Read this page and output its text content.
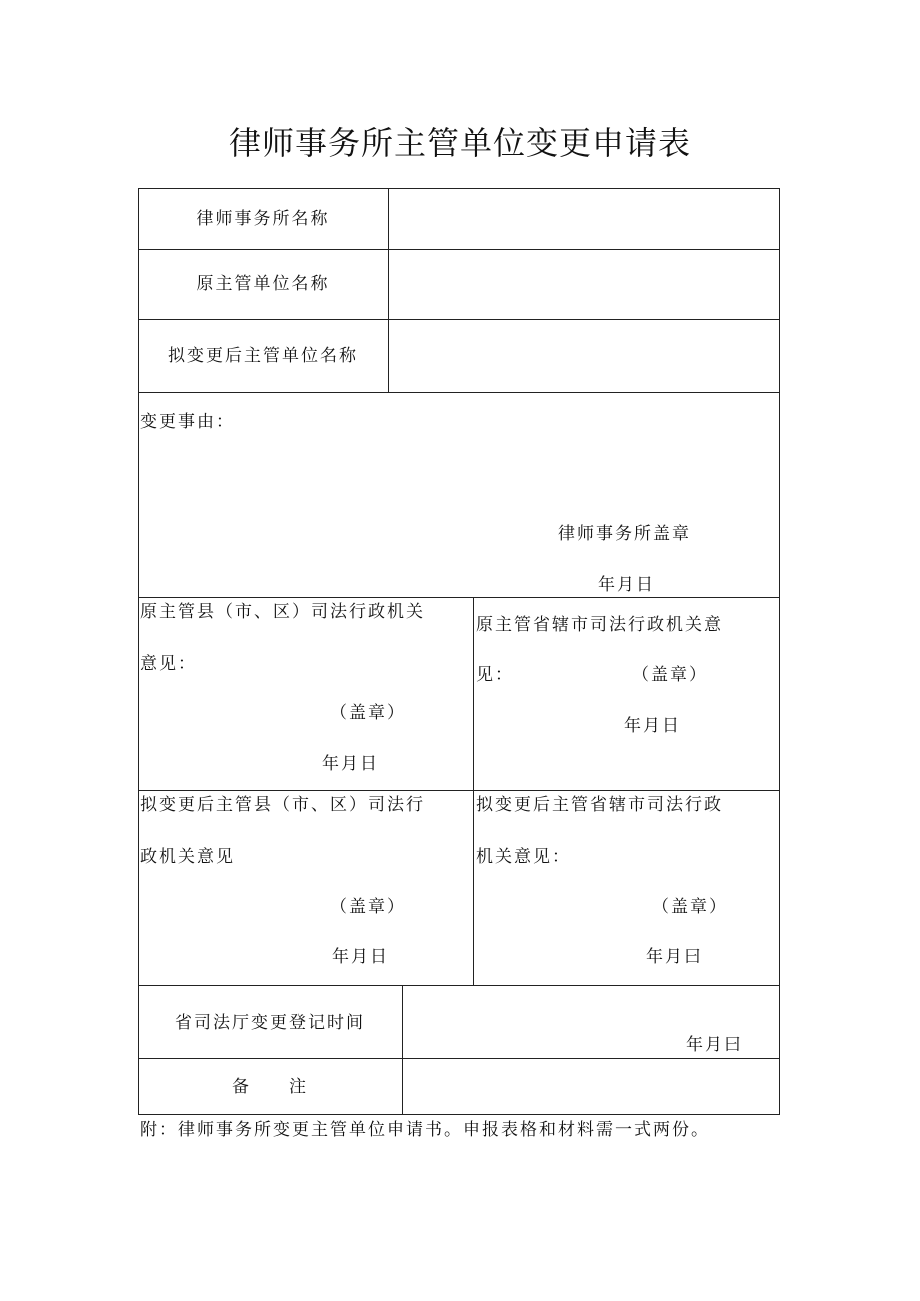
律师事务所主管单位变更申请表
律师事务所名称
原主管单位名称
拟变更后主管单位名称
变更事由：
律师事务所盖章
年月日
原主管县（市、区）司法行政机关
意见：
（盖章）
年月日
原主管省辖市司法行政机关意
见：	（盖章）
年月日
拟变更后主管县（市、区）司法行
政机关意见
（盖章）
年月日
拟变更后主管省辖市司法行政
机关意见：
（盖章）
年月曰
省司法厅变更登记时间
年月曰
备　　注
附：律师事务所变更主管单位申请书。申报表格和材料需一式两份。
